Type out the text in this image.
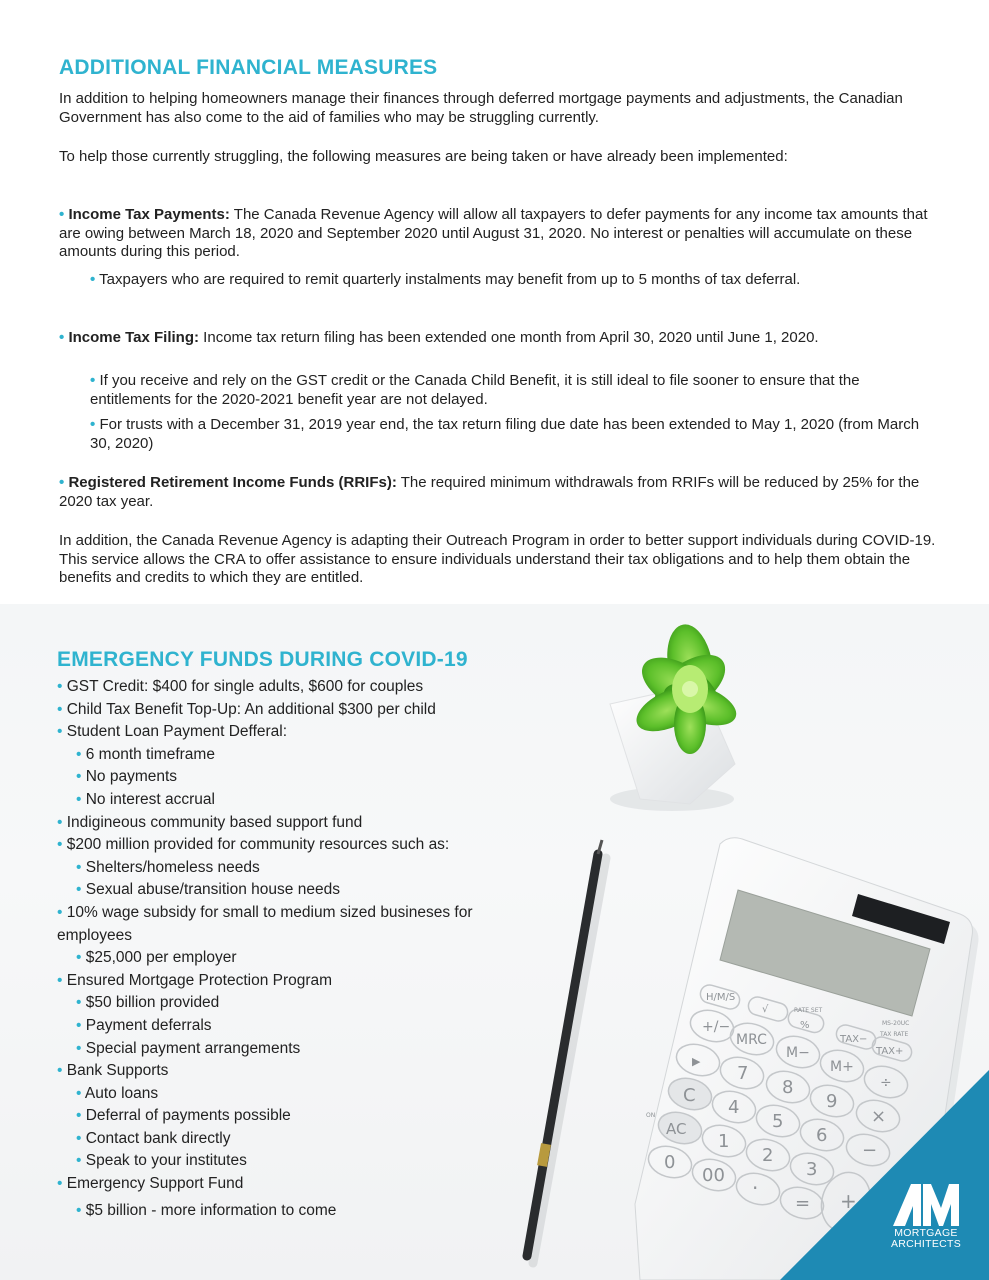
ADDITIONAL FINANCIAL MEASURES

In addition to helping homeowners manage their finances through deferred mortgage payments and adjustments, the Canadian Government has also come to the aid of families who may be struggling currently.

To help those currently struggling, the following measures are being taken or have already been implemented:

• Income Tax Payments: The Canada Revenue Agency will allow all taxpayers to defer payments for any income tax amounts that are owing between March 18, 2020 and September 2020 until August 31, 2020. No interest or penalties will accumulate on these amounts during this period.

• Taxpayers who are required to remit quarterly instalments may benefit from up to 5 months of tax deferral.

• Income Tax Filing: Income tax return filing has been extended one month from April 30, 2020 until June 1, 2020.

• If you receive and rely on the GST credit or the Canada Child Benefit, it is still ideal to file sooner to ensure that the entitlements for the 2020-2021 benefit year are not delayed.

• For trusts with a December 31, 2019 year end, the tax return filing due date has been extended to May 1, 2020 (from March 30, 2020)

• Registered Retirement Income Funds (RRIFs): The required minimum withdrawals from RRIFs will be reduced by 25% for the 2020 tax year.

In addition, the Canada Revenue Agency is adapting their Outreach Program in order to better support individuals during COVID-19. This service allows the CRA to offer assistance to ensure individuals understand their tax obligations and to help them obtain the benefits and credits to which they are entitled.

H/M/S
√
%
TAX−
TAX+
RATE SET
MS-20UC
TAX RATE
ON
+/−
MRC
M−
M+
÷
▶
7
8
9
×
C
4
5
6
−
AC
1
2
3
0
00
·
= +
EMERGENCY FUNDS DURING COVID-19
• GST Credit: $400 for single adults, $600 for couples
• Child Tax Benefit Top-Up: An additional $300 per child
• Student Loan Payment Defferal:
• 6 month timeframe
• No payments
• No interest accrual
• Indigineous community based support fund
• $200 million provided for community resources such as:
• Shelters/homeless needs
• Sexual abuse/transition house needs
• 10% wage subsidy for small to medium sized busineses for employees
• $25,000 per employer
• Ensured Mortgage Protection Program
• $50 billion provided
• Payment deferrals
• Special payment arrangements
• Bank Supports
• Auto loans
• Deferral of payments possible
• Contact bank directly
• Speak to your institutes
• Emergency Support Fund
• $5 billion - more information to come
MORTGAGE
ARCHITECTS
